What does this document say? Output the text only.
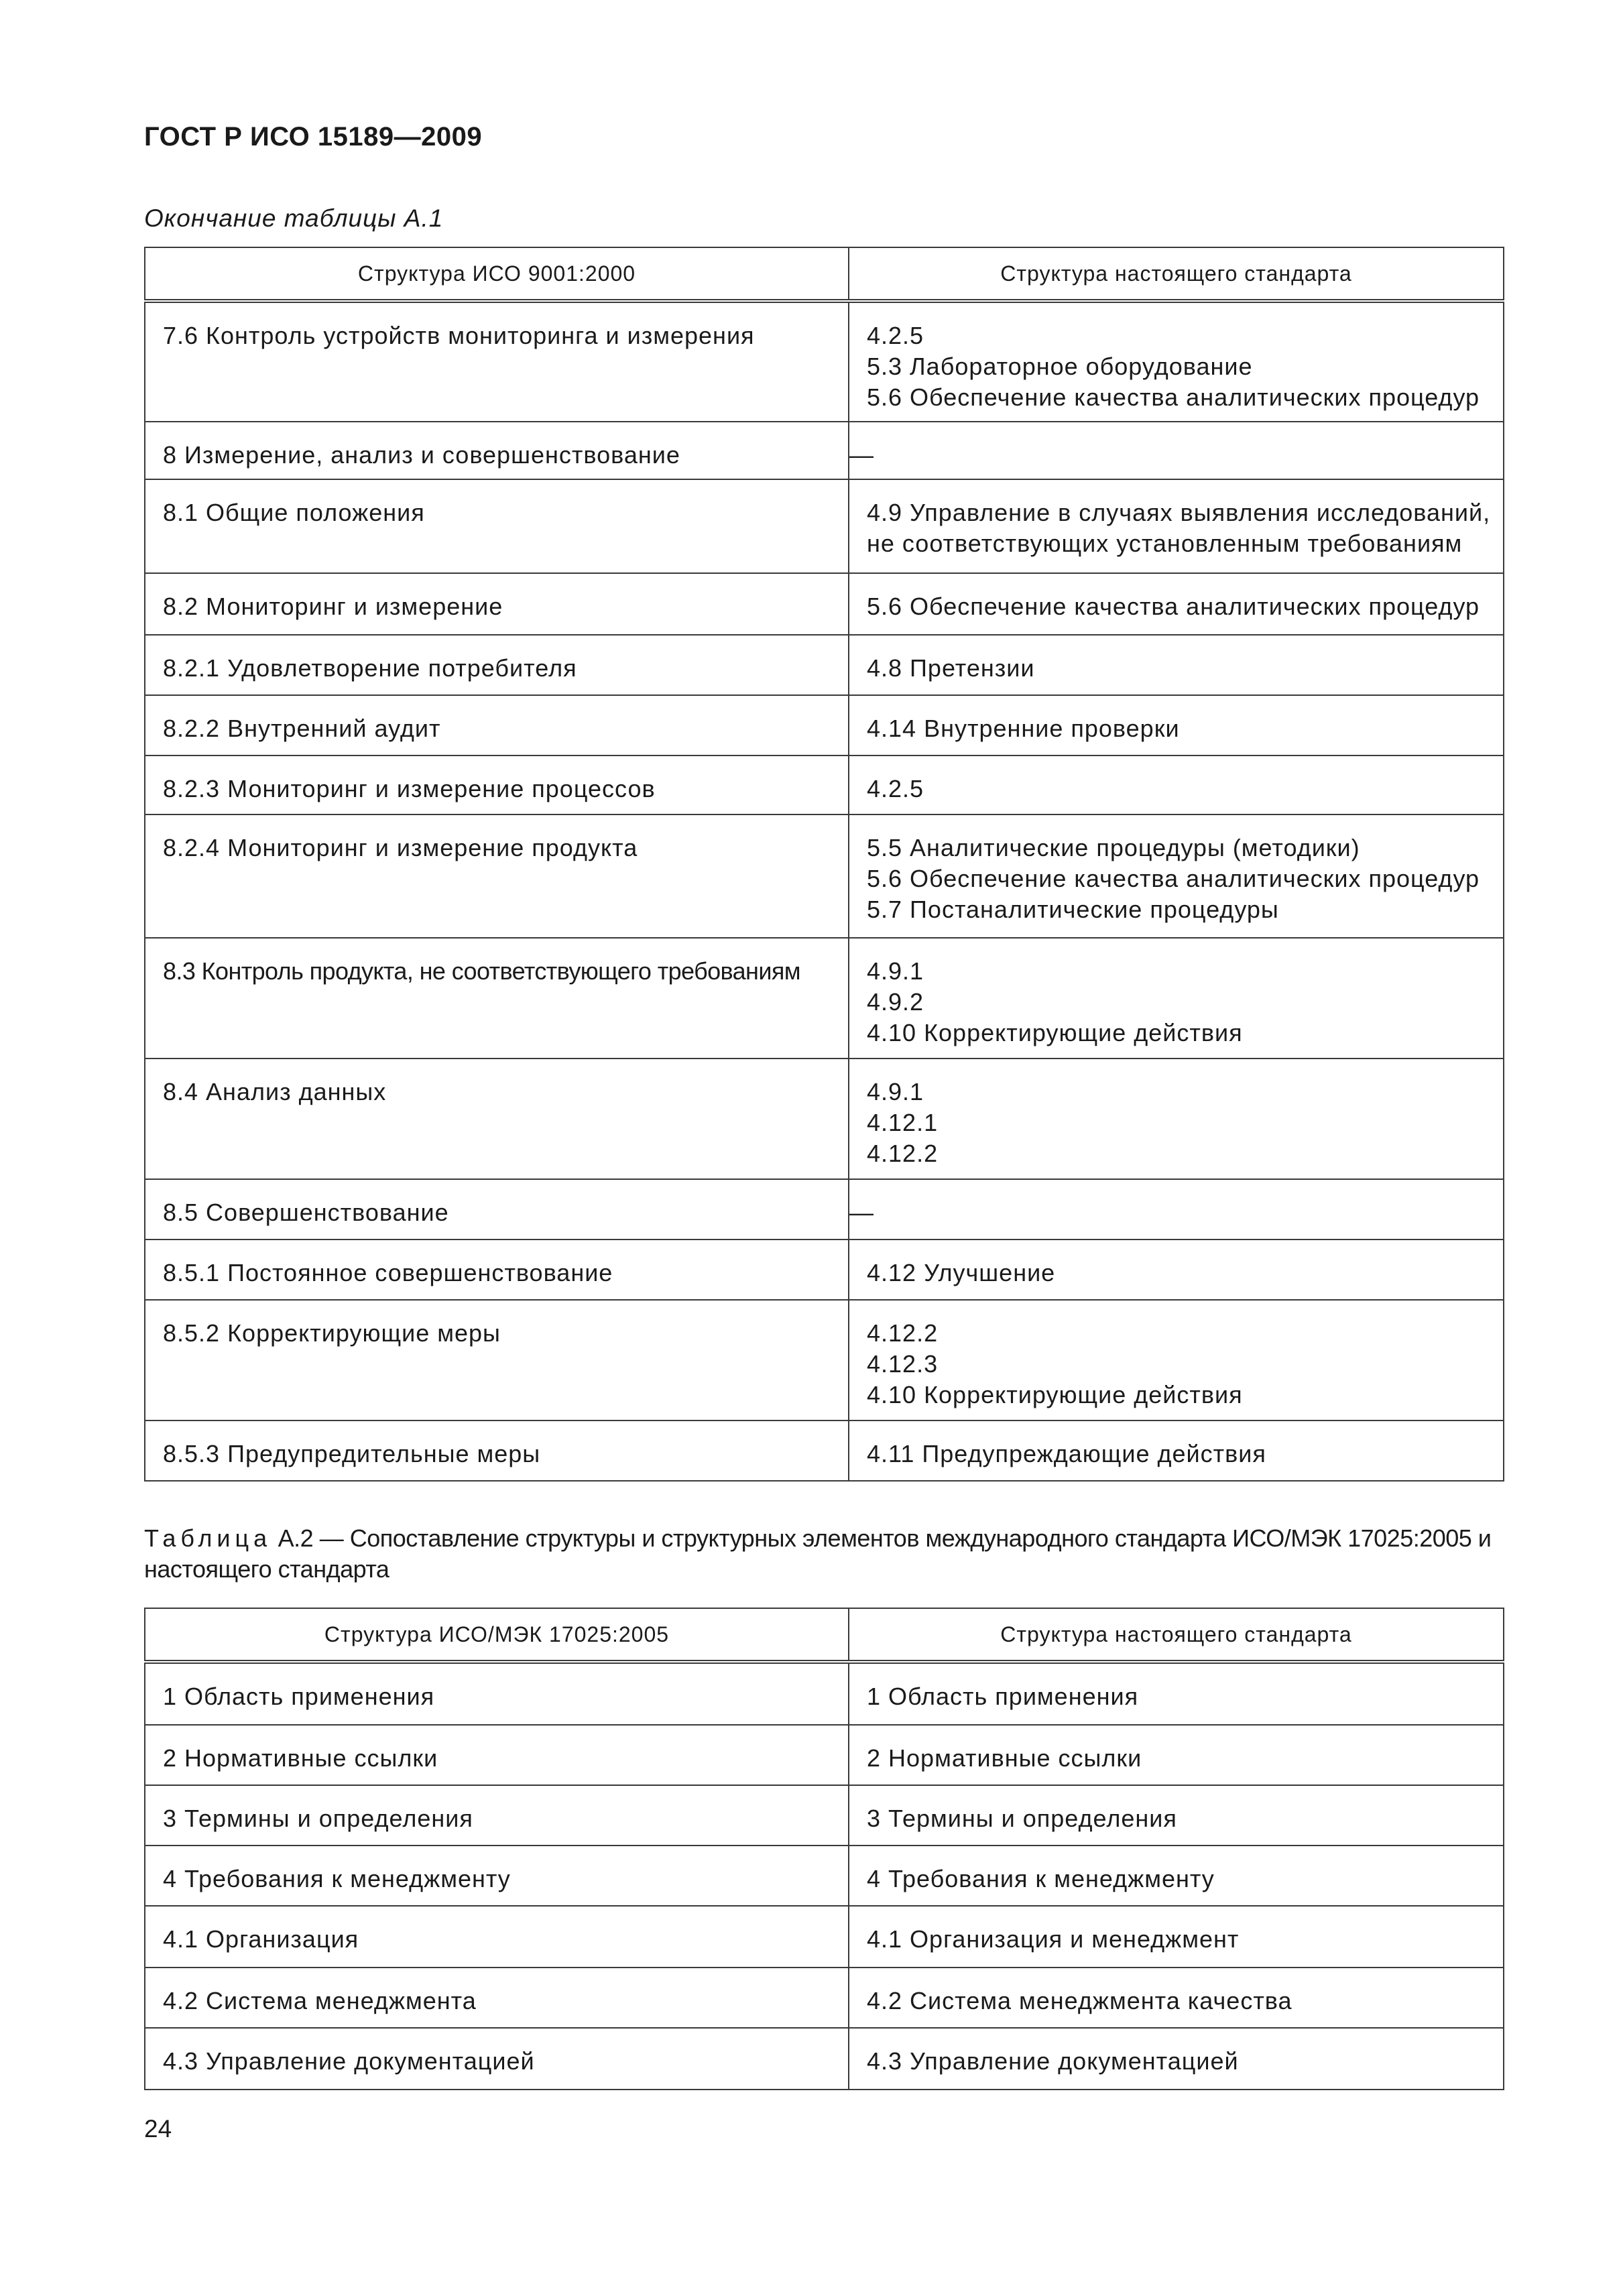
ГОСТ Р ИСО 15189—2009
Окончание таблицы А.1
Структура ИСО 9001:2000	Структура настоящего стандарта

7.6 Контроль устройств мониторинга и измерения	4.2.5
5.3 Лабораторное оборудование
5.6 Обеспечение качества аналитических процедур

8 Измерение, анализ и совершенствование	—

8.1 Общие положения	4.9 Управление в случаях выявления исследований,
не соответствующих установленным требованиям

8.2 Мониторинг и измерение	5.6 Обеспечение качества аналитических процедур

8.2.1 Удовлетворение потребителя	4.8 Претензии

8.2.2 Внутренний аудит	4.14 Внутренние проверки

8.2.3 Мониторинг и измерение процессов	4.2.5

8.2.4 Мониторинг и измерение продукта	5.5 Аналитические процедуры (методики)
5.6 Обеспечение качества аналитических процедур
5.7 Постаналитические процедуры

8.3 Контроль продукта, не соответствующего требованиям	4.9.1
4.9.2
4.10 Корректирующие действия

8.4 Анализ данных	4.9.1
4.12.1
4.12.2

8.5 Совершенствование	—

8.5.1 Постоянное совершенствование	4.12 Улучшение

8.5.2 Корректирующие меры	4.12.2
4.12.3
4.10 Корректирующие действия

8.5.3 Предупредительные меры	4.11 Предупреждающие действия
Таблица А.2 — Сопоставление структуры и структурных элементов международного стандарта ИСО/МЭК 17025:2005 и настоящего стандарта
Структура ИСО/МЭК 17025:2005	Структура настоящего стандарта

1 Область применения	1 Область применения

2 Нормативные ссылки	2 Нормативные ссылки

3 Термины и определения	3 Термины и определения

4 Требования к менеджменту	4 Требования к менеджменту

4.1 Организация	4.1 Организация и менеджмент

4.2 Система менеджмента	4.2 Система менеджмента качества

4.3 Управление документацией	4.3 Управление документацией
24
